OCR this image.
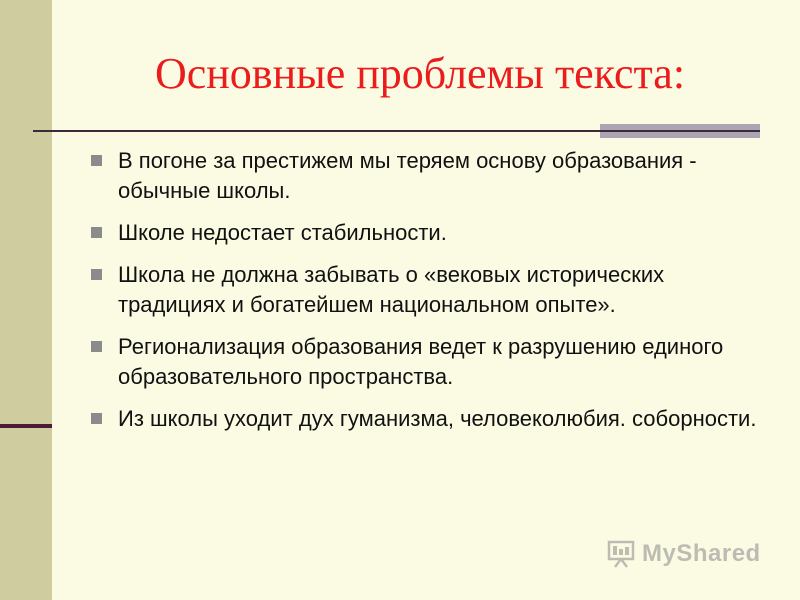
Основные проблемы текста:
В погоне за престижем мы теряем основу образования - обычные школы.
Школе недостает стабильности.
Школа не должна забывать о «вековых исторических традициях и богатейшем национальном опыте».
Регионализация образования ведет к разрушению единого образовательного пространства.
Из школы уходит дух гуманизма, человеколюбия. соборности.
MyShared
